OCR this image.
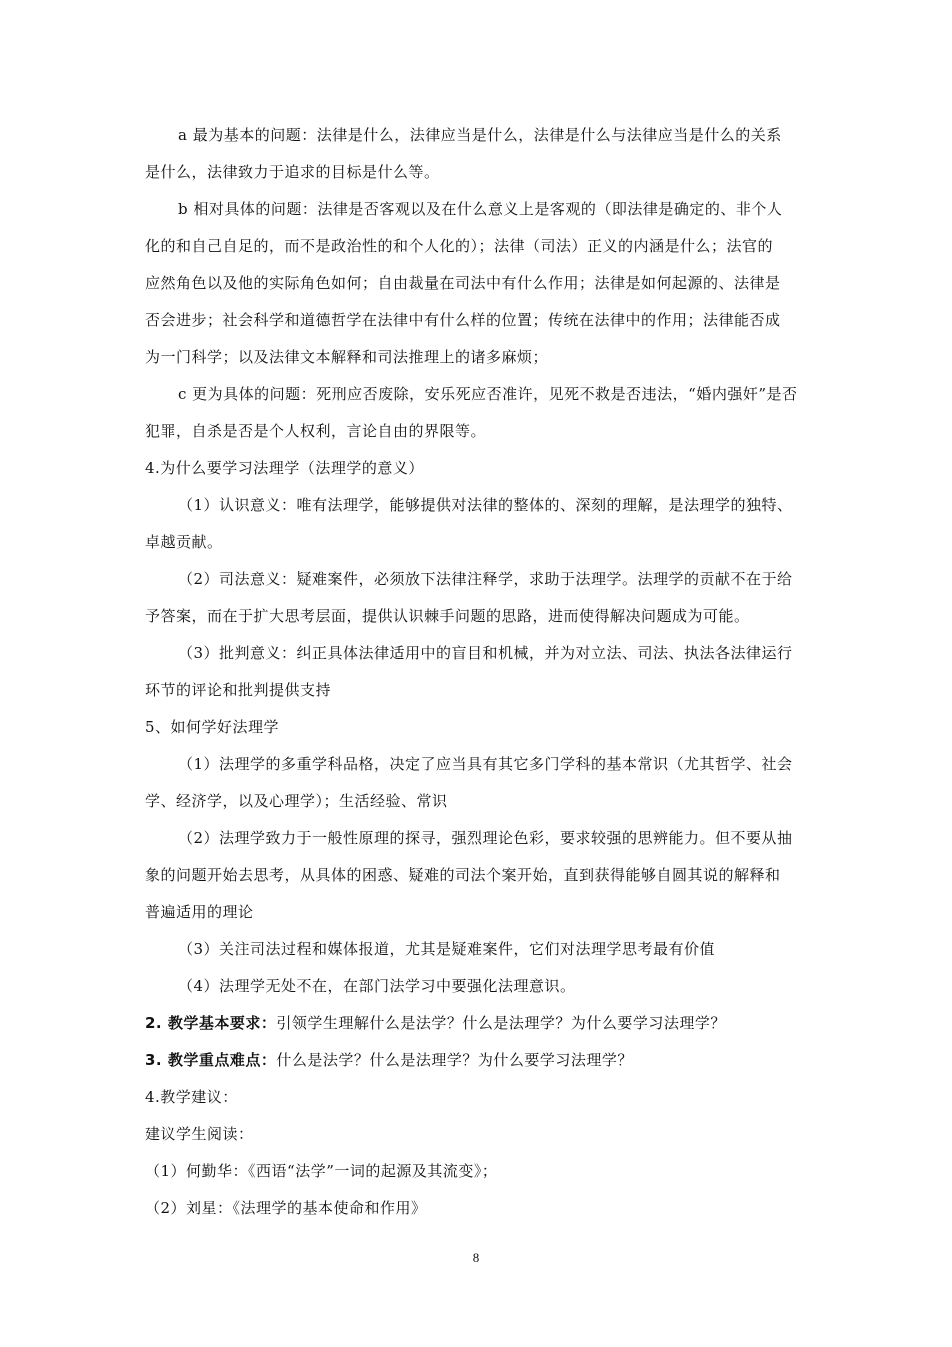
a 最为基本的问题：法律是什么，法律应当是什么，法律是什么与法律应当是什么的关系

是什么，法律致力于追求的目标是什么等。

b 相对具体的问题：法律是否客观以及在什么意义上是客观的（即法律是确定的、非个人

化的和自己自足的，而不是政治性的和个人化的）；法律（司法）正义的内涵是什么；法官的

应然角色以及他的实际角色如何；自由裁量在司法中有什么作用；法律是如何起源的、法律是

否会进步；社会科学和道德哲学在法律中有什么样的位置；传统在法律中的作用；法律能否成

为一门科学；以及法律文本解释和司法推理上的诸多麻烦；

c 更为具体的问题：死刑应否废除，安乐死应否准许，见死不救是否违法，“婚内强奸”是否

犯罪，自杀是否是个人权利，言论自由的界限等。

4.为什么要学习法理学（法理学的意义）

（1）认识意义：唯有法理学，能够提供对法律的整体的、深刻的理解，是法理学的独特、

卓越贡献。

（2）司法意义：疑难案件，必须放下法律注释学，求助于法理学。法理学的贡献不在于给

予答案，而在于扩大思考层面，提供认识棘手问题的思路，进而使得解决问题成为可能。

（3）批判意义：纠正具体法律适用中的盲目和机械，并为对立法、司法、执法各法律运行

环节的评论和批判提供支持

5、如何学好法理学

（1）法理学的多重学科品格，决定了应当具有其它多门学科的基本常识（尤其哲学、社会

学、经济学，以及心理学）；生活经验、常识

（2）法理学致力于一般性原理的探寻，强烈理论色彩，要求较强的思辨能力。但不要从抽

象的问题开始去思考，从具体的困惑、疑难的司法个案开始，直到获得能够自圆其说的解释和

普遍适用的理论

（3）关注司法过程和媒体报道，尤其是疑难案件，它们对法理学思考最有价值

（4）法理学无处不在，在部门法学习中要强化法理意识。

2. 教学基本要求：引领学生理解什么是法学？什么是法理学？为什么要学习法理学？

3. 教学重点难点：什么是法学？什么是法理学？为什么要学习法理学？

4.教学建议：

建议学生阅读：

（1）何勤华：《西语“法学”一词的起源及其流变》；

（2）刘星：《法理学的基本使命和作用》

8
